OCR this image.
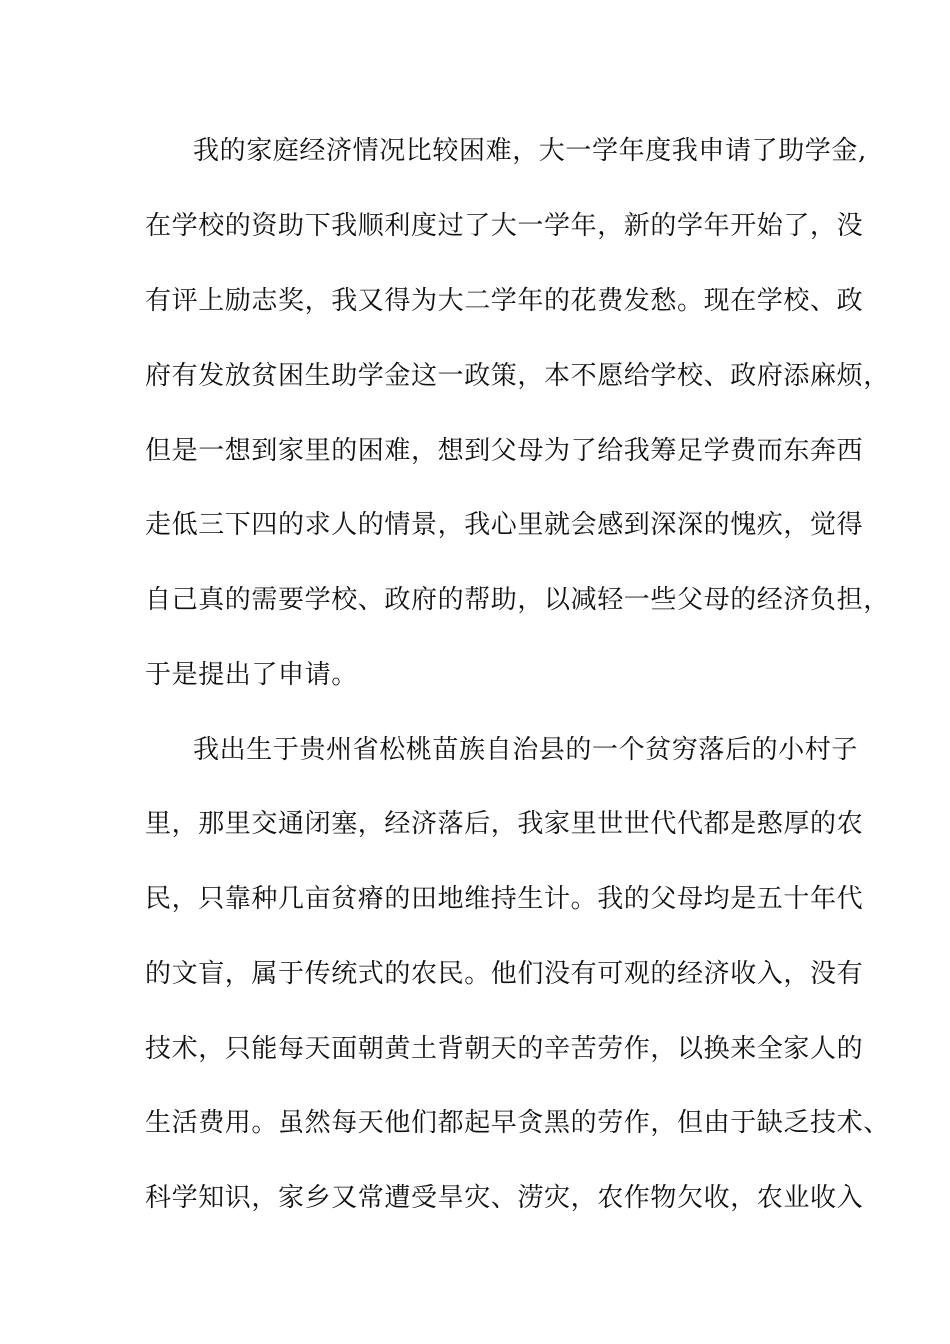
我的家庭经济情况比较困难，大一学年度我申请了助学金,
在学校的资助下我顺利度过了大一学年，新的学年开始了，没
有评上励志奖，我又得为大二学年的花费发愁。现在学校、政
府有发放贫困生助学金这一政策，本不愿给学校、政府添麻烦，
但是一想到家里的困难，想到父母为了给我筹足学费而东奔西
走低三下四的求人的情景，我心里就会感到深深的愧疚，觉得
自己真的需要学校、政府的帮助，以减轻一些父母的经济负担，
于是提出了申请。
我出生于贵州省松桃苗族自治县的一个贫穷落后的小村子
里，那里交通闭塞，经济落后，我家里世世代代都是憨厚的农
民，只靠种几亩贫瘠的田地维持生计。我的父母均是五十年代
的文盲，属于传统式的农民。他们没有可观的经济收入，没有
技术，只能每天面朝黄土背朝天的辛苦劳作，以换来全家人的
生活费用。虽然每天他们都起早贪黑的劳作，但由于缺乏技术、
科学知识，家乡又常遭受旱灾、涝灾，农作物欠收，农业收入
